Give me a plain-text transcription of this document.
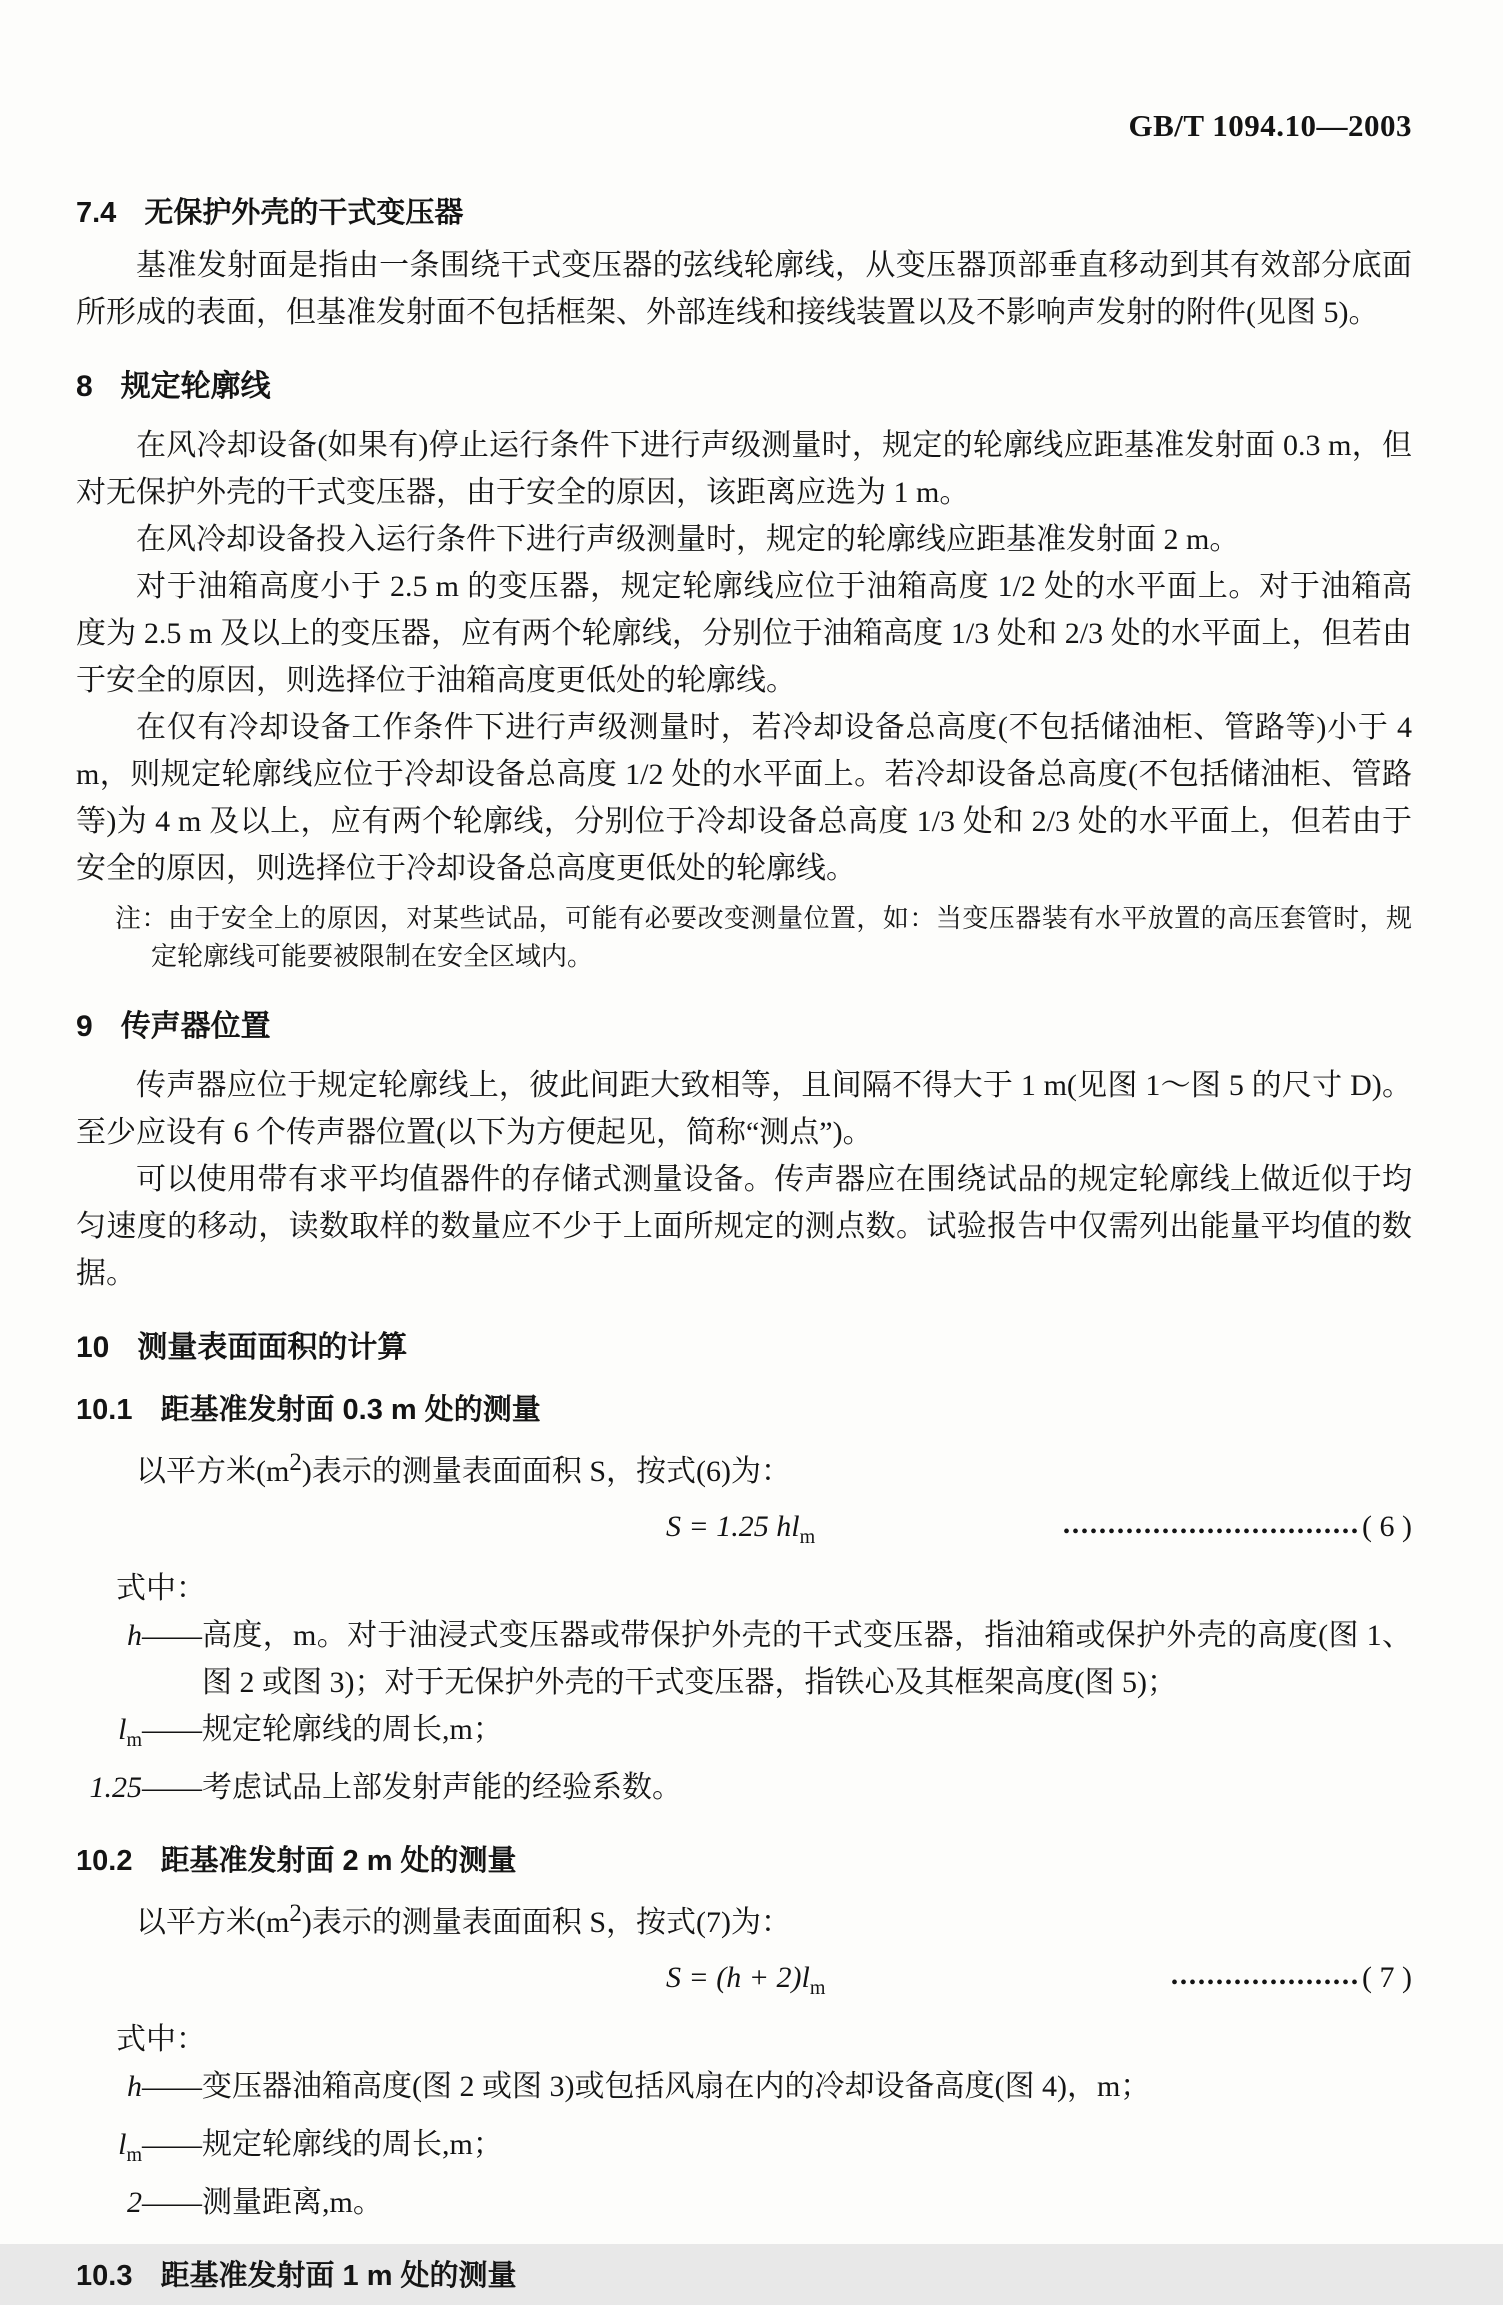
GB/T 1094.10—2003
7.4 无保护外壳的干式变压器

基准发射面是指由一条围绕干式变压器的弦线轮廓线，从变压器顶部垂直移动到其有效部分底面所形成的表面，但基准发射面不包括框架、外部连线和接线装置以及不影响声发射的附件(见图 5)。

8 规定轮廓线

在风冷却设备(如果有)停止运行条件下进行声级测量时，规定的轮廓线应距基准发射面 0.3 m，但对无保护外壳的干式变压器，由于安全的原因，该距离应选为 1 m。

在风冷却设备投入运行条件下进行声级测量时，规定的轮廓线应距基准发射面 2 m。

对于油箱高度小于 2.5 m 的变压器，规定轮廓线应位于油箱高度 1/2 处的水平面上。对于油箱高度为 2.5 m 及以上的变压器，应有两个轮廓线，分别位于油箱高度 1/3 处和 2/3 处的水平面上，但若由于安全的原因，则选择位于油箱高度更低处的轮廓线。

在仅有冷却设备工作条件下进行声级测量时，若冷却设备总高度(不包括储油柜、管路等)小于 4 m，则规定轮廓线应位于冷却设备总高度 1/2 处的水平面上。若冷却设备总高度(不包括储油柜、管路等)为 4 m 及以上，应有两个轮廓线，分别位于冷却设备总高度 1/3 处和 2/3 处的水平面上，但若由于安全的原因，则选择位于冷却设备总高度更低处的轮廓线。

注：由于安全上的原因，对某些试品，可能有必要改变测量位置，如：当变压器装有水平放置的高压套管时，规定轮廓线可能要被限制在安全区域内。

9 传声器位置

传声器应位于规定轮廓线上，彼此间距大致相等，且间隔不得大于 1 m(见图 1～图 5 的尺寸 D)。至少应设有 6 个传声器位置(以下为方便起见，简称“测点”)。

可以使用带有求平均值器件的存储式测量设备。传声器应在围绕试品的规定轮廓线上做近似于均匀速度的移动，读数取样的数量应不少于上面所规定的测点数。试验报告中仅需列出能量平均值的数据。

10 测量表面面积的计算
10.1 距基准发射面 0.3 m 处的测量

以平方米$(m^2)$表示的测量表面面积 S，按式(6)为：

S = 1.25 $hl_m$	••••••••••••••••••••••••••••••••• ( 6 )
式中：
h —— 高度，m。对于油浸式变压器或带保护外壳的干式变压器，指油箱或保护外壳的高度(图 1、图 2 或图 3)；对于无保护外壳的干式变压器，指铁心及其框架高度(图 5)；
$l_m$ —— 规定轮廓线的周长,m；
1.25 —— 考虑试品上部发射声能的经验系数。
10.2 距基准发射面 2 m 处的测量

以平方米$(m^2)$表示的测量表面面积 S，按式(7)为：

$S = (h + 2)l_m$	••••••••••••••••••••• ( 7 )
式中：
h —— 变压器油箱高度(图 2 或图 3)或包括风扇在内的冷却设备高度(图 4)，m；
$l_m$ —— 规定轮廓线的周长,m；
2 —— 测量距离,m。
10.3 距基准发射面 1 m 处的测量
